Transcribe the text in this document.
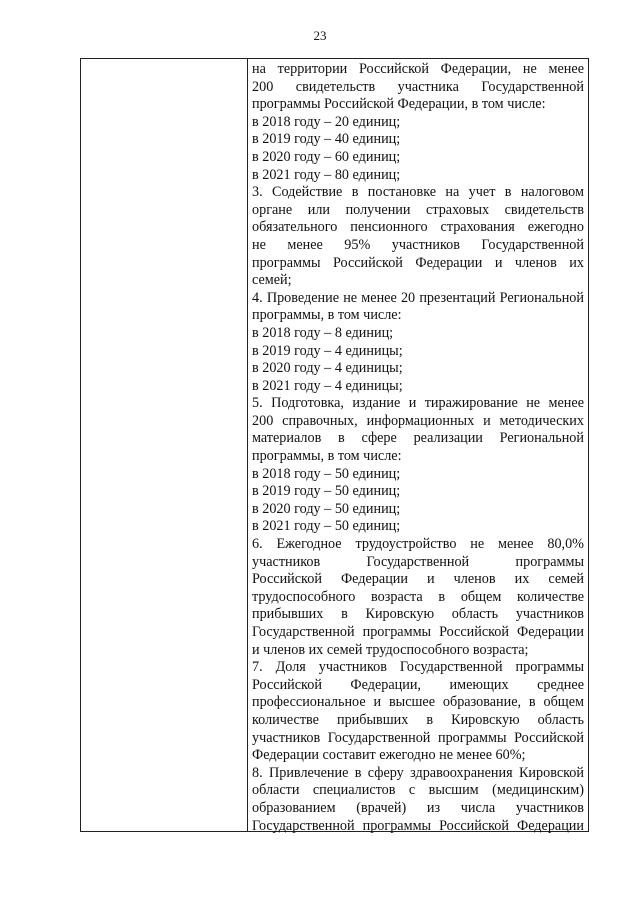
23
на территории Российской Федерации, не менее
200 свидетельств участника Государственной
программы Российской Федерации, в том числе:
в 2018 году – 20 единиц;
в 2019 году – 40 единиц;
в 2020 году – 60 единиц;
в 2021 году – 80 единиц;
3. Содействие в постановке на учет в налоговом
органе или получении страховых свидетельств
обязательного пенсионного страхования ежегодно
не менее 95% участников Государственной
программы Российской Федерации и членов их
семей;
4. Проведение не менее 20 презентаций Региональной
программы, в том числе:
в 2018 году – 8 единиц;
в 2019 году – 4 единицы;
в 2020 году – 4 единицы;
в 2021 году – 4 единицы;
5. Подготовка, издание и тиражирование не менее
200 справочных, информационных и методических
материалов в сфере реализации Региональной
программы, в том числе:
в 2018 году – 50 единиц;
в 2019 году – 50 единиц;
в 2020 году – 50 единиц;
в 2021 году – 50 единиц;
6. Ежегодное трудоустройство не менее 80,0%
участников Государственной программы
Российской Федерации и членов их семей
трудоспособного возраста в общем количестве
прибывших в Кировскую область участников
Государственной программы Российской Федерации
и членов их семей трудоспособного возраста;
7. Доля участников Государственной программы
Российской Федерации, имеющих среднее
профессиональное и высшее образование, в общем
количестве прибывших в Кировскую область
участников Государственной программы Российской
Федерации составит ежегодно не менее 60%;
8. Привлечение в сферу здравоохранения Кировской
области специалистов с высшим (медицинским)
образованием (врачей) из числа участников
Государственной программы Российской Федерации
